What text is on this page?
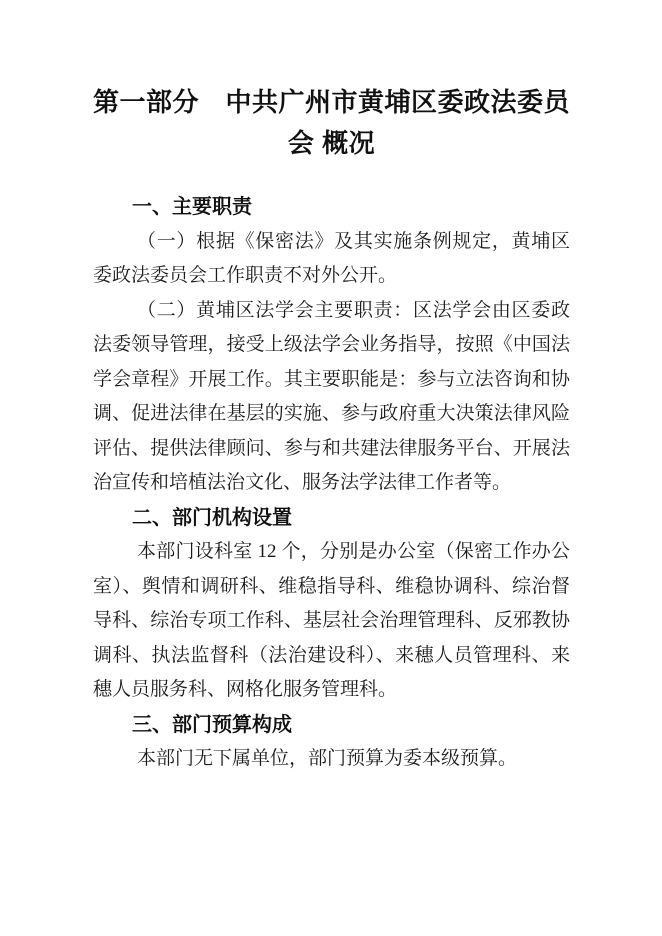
第一部分　中共广州市黄埔区委政法委员
会 概况
一、主要职责

（一）根据《保密法》及其实施条例规定，黄埔区委政法委员会工作职责不对外公开。

（二）黄埔区法学会主要职责：区法学会由区委政法委领导管理，接受上级法学会业务指导，按照《中国法学会章程》开展工作。其主要职能是：参与立法咨询和协调、促进法律在基层的实施、参与政府重大决策法律风险评估、提供法律顾问、参与和共建法律服务平台、开展法治宣传和培植法治文化、服务法学法律工作者等。

二、部门机构设置

本部门设科室 12 个，分别是办公室（保密工作办公室）、舆情和调研科、维稳指导科、维稳协调科、综治督导科、综治专项工作科、基层社会治理管理科、反邪教协调科、执法监督科（法治建设科）、来穗人员管理科、来穗人员服务科、网格化服务管理科。

三、部门预算构成

本部门无下属单位，部门预算为委本级预算。
